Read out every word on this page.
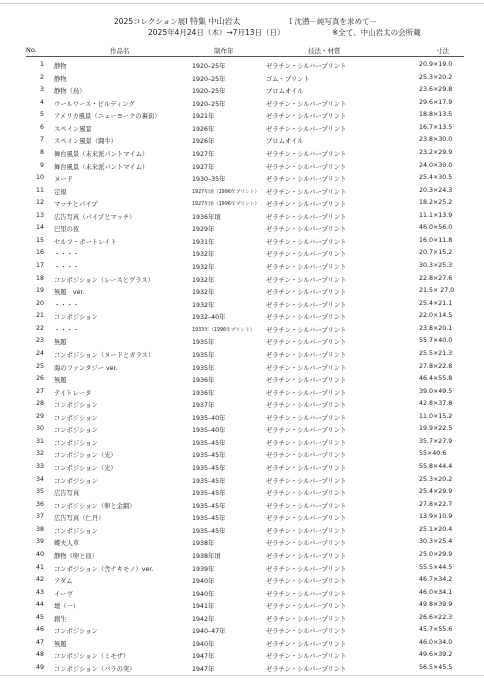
2025コレクション展Ⅰ 特集 中山岩太	Ｉ沈潜－純写真を求めて－
2025年4月24日（木）→7月13日（日）	※全て、中山岩太の会所蔵
No.	作品名	制作年	技法・材質	寸法
1 静物	1920–25年	ゼラチン・シルバープリント	20.9×19.0
2 静物	1920–25年	ゴム・プリント	25.3×20.2
3 静物（鳥）	1920–25年	ブロムオイル	23.6×29.8
4 ウールワース・ビルディング	1920–25年	ゼラチン・シルバープリント	29.6×17.9
5 アメリカ風景（ニューヨークの裏街）	1921年	ゼラチン・シルバープリント	18.8×13.5
6 スペイン風景	1926年	ゼラチン・シルバープリント	16.7×13.5
7 スペイン風景（闘牛）	1926年	ブロムオイル	23.8×30.0
8 舞台風景（未来派パントマイム）	1927年	ゼラチン・シルバープリント	23.2×29.9
9 舞台風景（未来派パントマイム）	1927年	ゼラチン・シルバープリント	24.0×30.0
10 ヌード	1930–35年	ゼラチン・シルバープリント	25.4×30.5
11 定規	1927年頃（1996年プリント） ゼラチン・シルバープリント	20.3×24.3
12 マッチとパイプ	1927年頃（1996年プリント） ゼラチン・シルバープリント	18.2×25.2
13 広告写真（パイプとマッチ）	1936年頃	ゼラチン・シルバープリント	11.1×13.9
14 巴里の夜	1929年	ゼラチン・シルバープリント	46.0×56.0
15 セルフ・ポートレイト	1931年	ゼラチン・シルバープリント	16.0×11.8
16 ・・・・	1932年	ゼラチン・シルバープリント	20.7×15.2
17 ・・・・	1932年	ゼラチン・シルバープリント	30.3×25.3
18 コンポジション（レースとグラス）	1932年	ゼラチン・シルバープリント	22.8×27.6
19 無題　ver.	1932年	ゼラチン・シルバープリント	21.5× 27.0
20 ・・・・	1932年	ゼラチン・シルバープリント	25.4×21.1
21 コンポジション	1932–40年	ゼラチン・シルバープリント	22.0×14.5
22 ・・・・	1933年（1996年プリント） ゼラチン・シルバープリント	23.8×20.1
23 無題	1935年	ゼラチン・シルバープリント	55.7×40.0
24 コンポジション（ヌードとガラス）	1935年	ゼラチン・シルバープリント	25.5×21.3
25 海のファンタジー ver.	1935年	ゼラチン・シルバープリント	27.8×22.8
26 無題	1936年	ゼラチン・シルバープリント	46.4×55.8
27 テイトレータ	1936年	ゼラチン・シルバープリント	39.0×49.5
28 コンポジション	1937年	ゼラチン・シルバープリント	42.8×37.8
29 コンポジション	1935–40年	ゼラチン・シルバープリント	11.0×15.2
30 コンポジション	1935–40年	ゼラチン・シルバープリント	19.9×22.5
31 コンポジション	1935–45年	ゼラチン・シルバープリント	35.7×27.9
32 コンポジション（光）	1935–45年	ゼラチン・シルバープリント	55×40.6
33 コンポジション（光）	1935–45年	ゼラチン・シルバープリント	55.8×44.4
34 コンポジション	1935–45年	ゼラチン・シルバープリント	25.3×20.2
35 広告写真	1935–45年	ゼラチン・シルバープリント	25.4×29.9
36 コンポジション（卵と金網）	1935–45年	ゼラチン・シルバープリント	27.8×22.7
37 広告写真（仁丹）	1935–45年	ゼラチン・シルバープリント	13.9×10.9
38 コンポジション	1935–45年	ゼラチン・シルバープリント	25.1×20.4
39 蝶夫人草	1938年	ゼラチン・シルバープリント	30.3×25.4
40 静物（卵と皿）	1938年頃	ゼラチン・シルバープリント	25.0×29.9
41 コンポジション（舎ナキモノ）ver.	1939年	ゼラチン・シルバープリント	55.5×44.5
42 アダム	1940年	ゼラチン・シルバープリント	46.7×34.2
43 イーヴ	1940年	ゼラチン・シルバープリント	46.0×34.1
44 壊（一）	1941年	ゼラチン・シルバープリント	49.8×39.9
45 創生	1942年	ゼラチン・シルバープリント	26.6×22.3
46 コンポジション	1940–47年	ゼラチン・シルバープリント	45.7×55.6
47 無題	1940年	ゼラチン・シルバープリント	46.0×34.0
48 コンポジション（ミモザ）	1947年	ゼラチン・シルバープリント	49.6×39.2
49 コンポジション（バラの実）	1947年	ゼラチン・シルバープリント	56.5×45.5
